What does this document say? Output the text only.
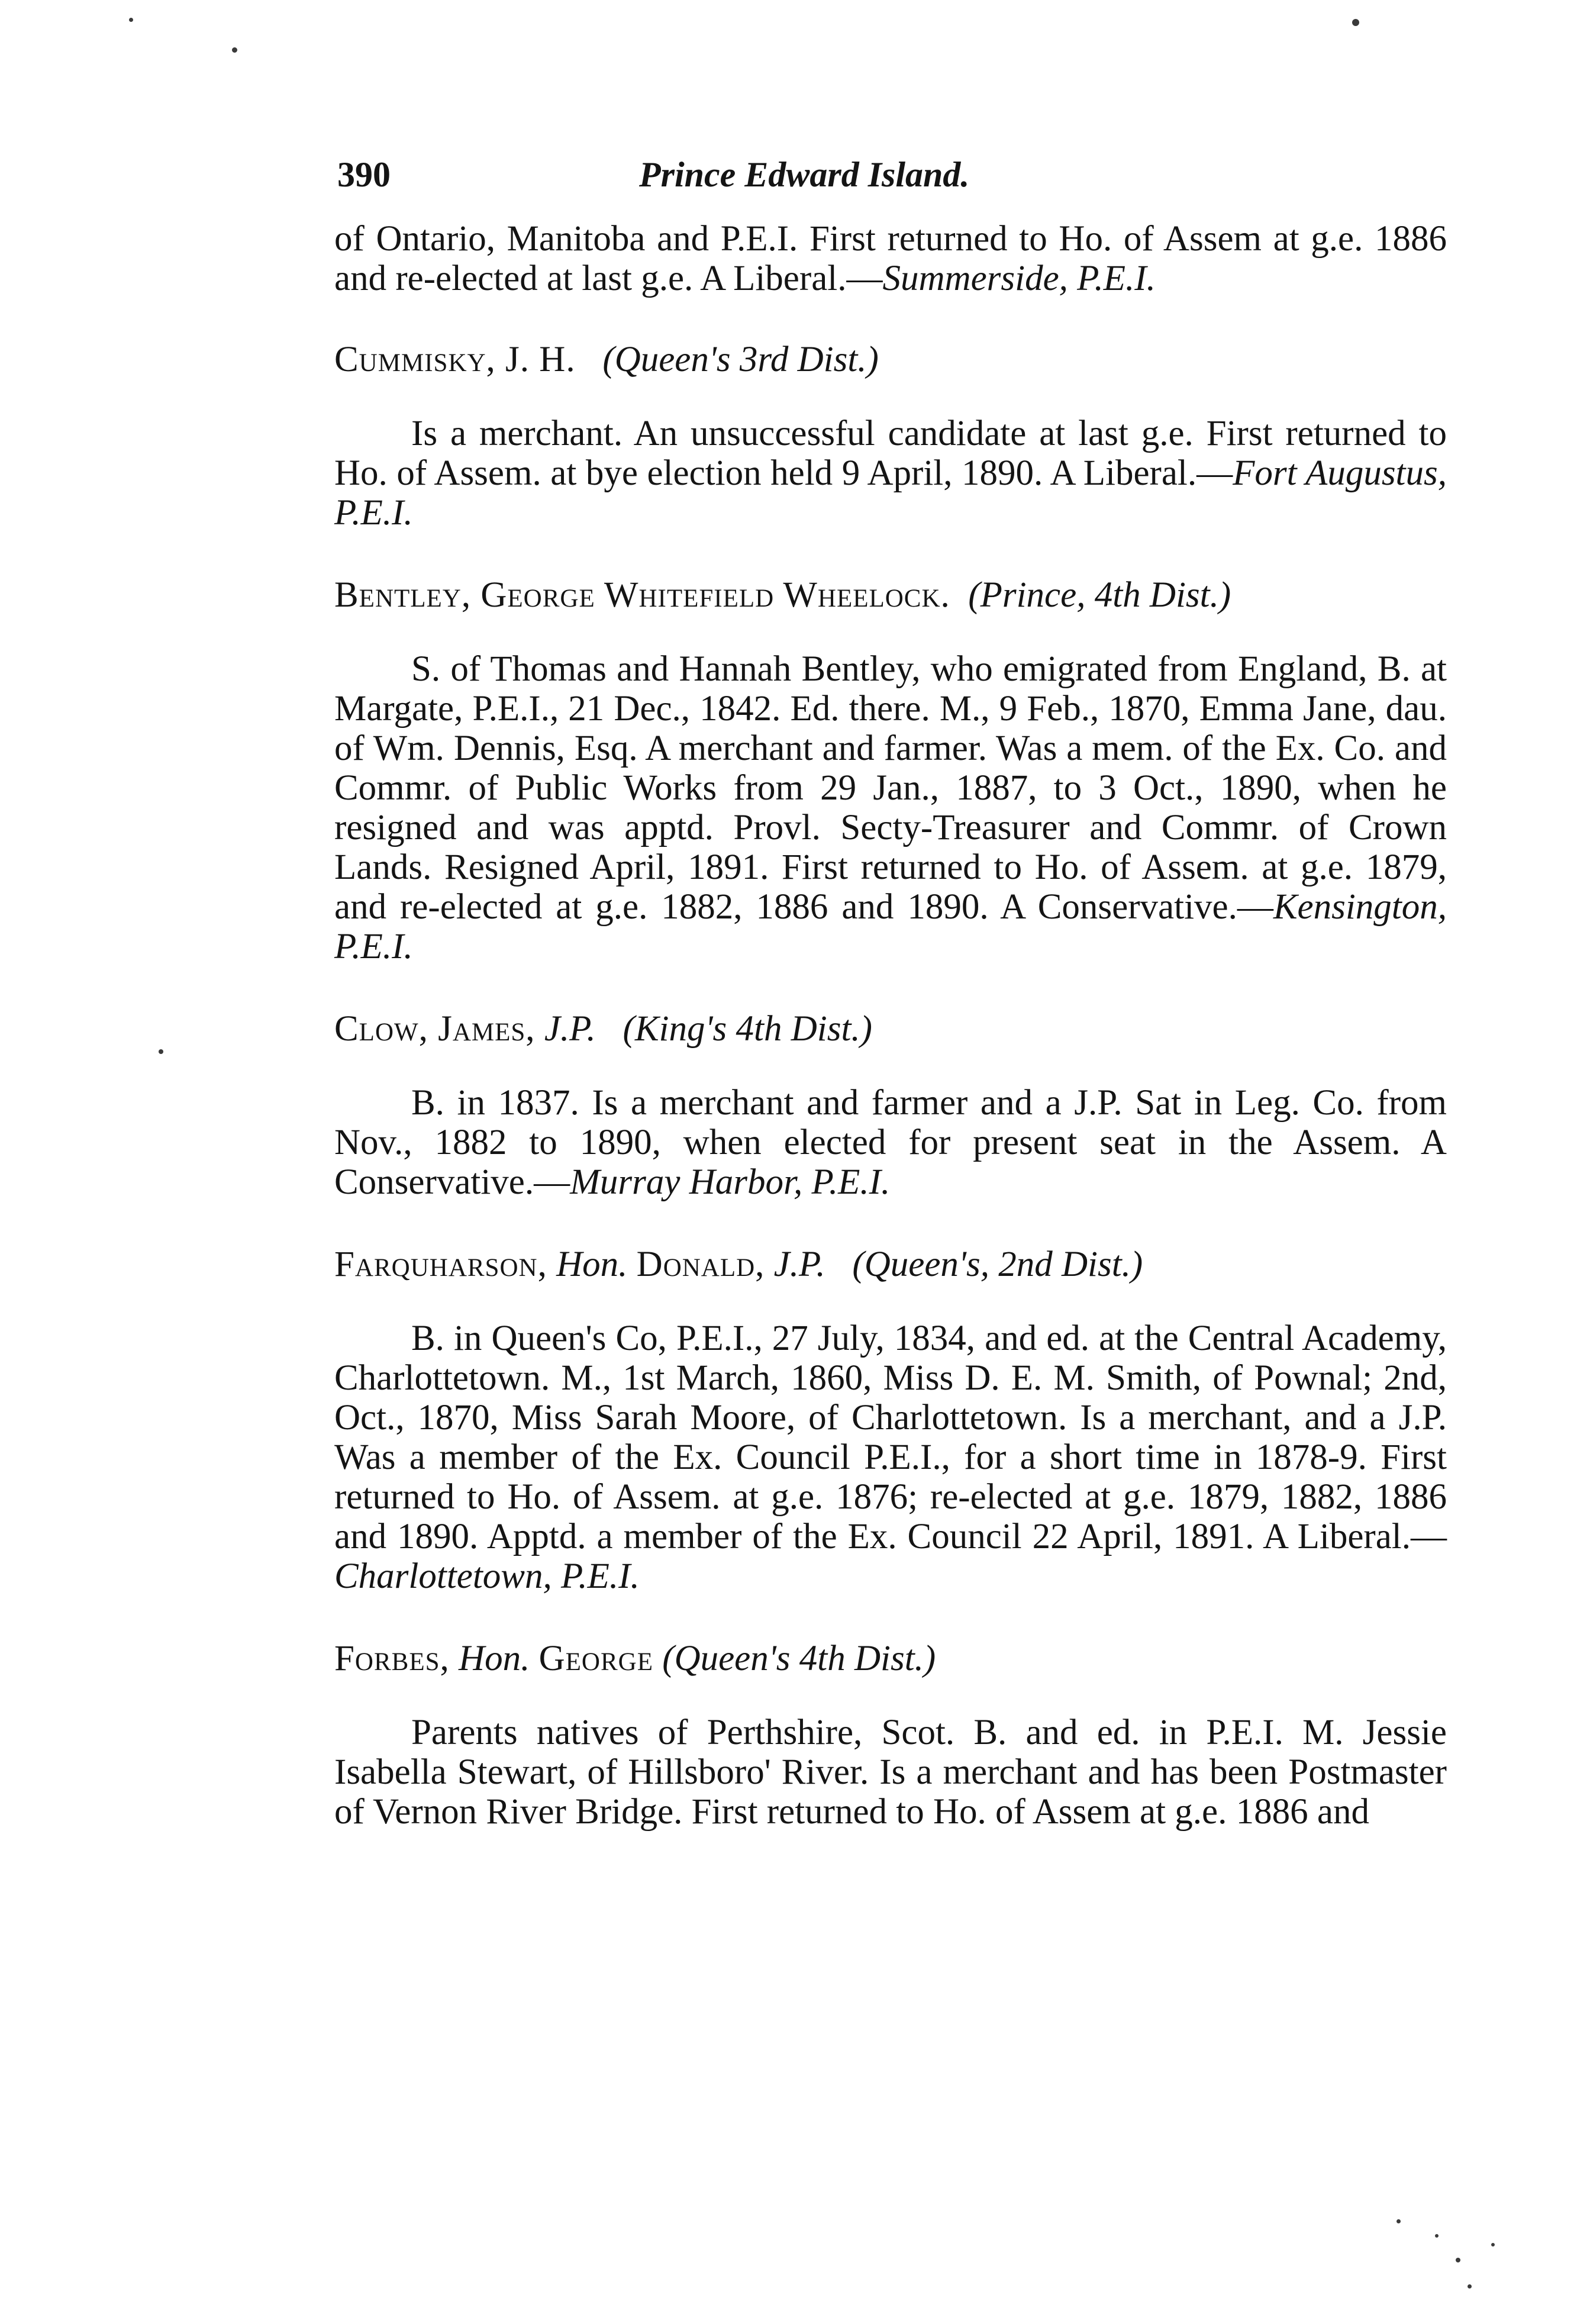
390	Prince Edward Island.

of Ontario, Manitoba and P.E.I. First returned to Ho. of Assem at g.e. 1886 and re-elected at last g.e. A Liberal.—Summerside, P.E.I.

Cummisky, J. H. (Queen's 3rd Dist.)

Is a merchant. An unsuccessful candidate at last g.e. First returned to Ho. of Assem. at bye election held 9 April, 1890. A Liberal.—Fort Augustus, P.E.I.

Bentley, George Whitefield Wheelock. (Prince, 4th Dist.)

S. of Thomas and Hannah Bentley, who emigrated from England, B. at Margate, P.E.I., 21 Dec., 1842. Ed. there. M., 9 Feb., 1870, Emma Jane, dau. of Wm. Dennis, Esq. A merchant and farmer. Was a mem. of the Ex. Co. and Commr. of Public Works from 29 Jan., 1887, to 3 Oct., 1890, when he resigned and was apptd. Provl. Secty-Treasurer and Commr. of Crown Lands. Resigned April, 1891. First returned to Ho. of Assem. at g.e. 1879, and re-elected at g.e. 1882, 1886 and 1890. A Conservative.—Kensington, P.E.I.

Clow, James, J.P. (King's 4th Dist.)

B. in 1837. Is a merchant and farmer and a J.P. Sat in Leg. Co. from Nov., 1882 to 1890, when elected for present seat in the Assem. A Conservative.—Murray Harbor, P.E.I.

Farquharson, Hon. Donald, J.P. (Queen's, 2nd Dist.)

B. in Queen's Co, P.E.I., 27 July, 1834, and ed. at the Central Academy, Charlottetown. M., 1st March, 1860, Miss D. E. M. Smith, of Pownal; 2nd, Oct., 1870, Miss Sarah Moore, of Charlottetown. Is a merchant, and a J.P. Was a member of the Ex. Council P.E.I., for a short time in 1878-9. First returned to Ho. of Assem. at g.e. 1876; re-elected at g.e. 1879, 1882, 1886 and 1890. Apptd. a member of the Ex. Council 22 April, 1891. A Liberal.—Charlottetown, P.E.I.

Forbes, Hon. George (Queen's 4th Dist.)

Parents natives of Perthshire, Scot. B. and ed. in P.E.I. M. Jessie Isabella Stewart, of Hillsboro' River. Is a merchant and has been Postmaster of Vernon River Bridge. First returned to Ho. of Assem at g.e. 1886 and
